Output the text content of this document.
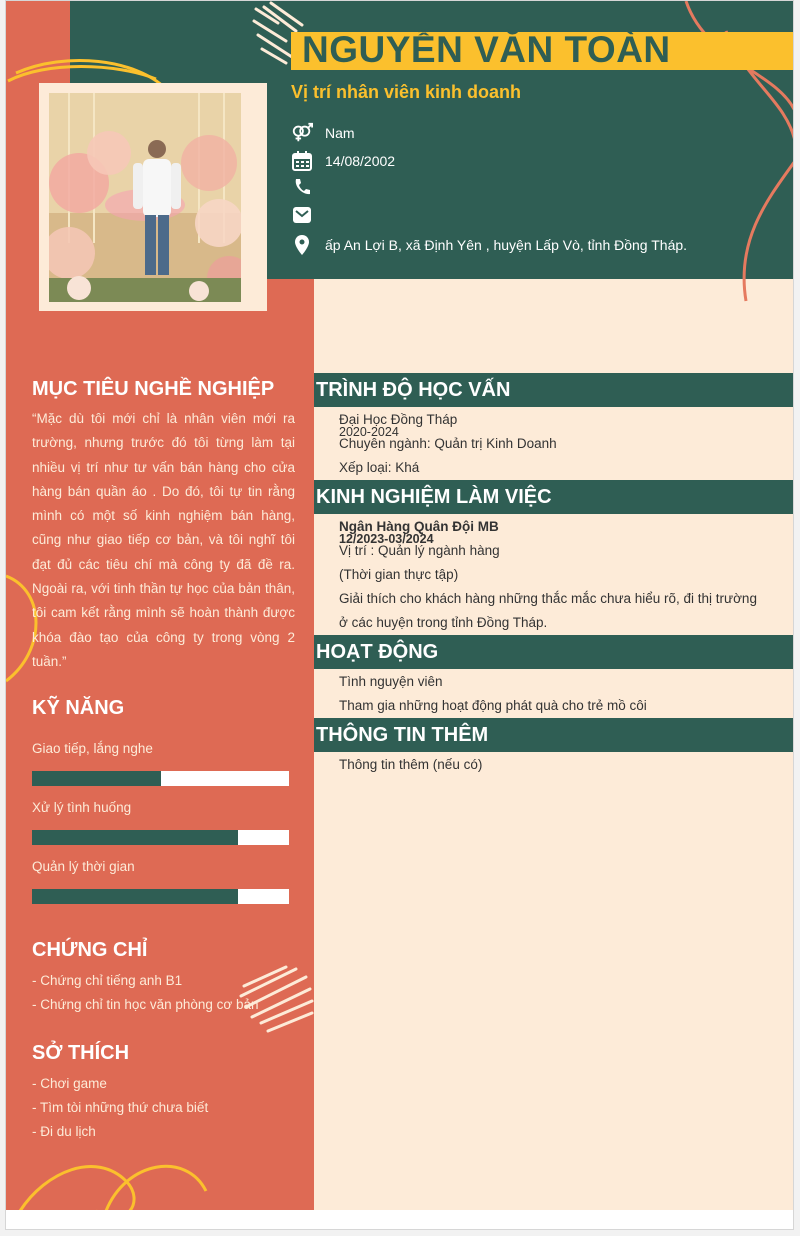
NGUYỄN VĂN TOÀN
Vị trí nhân viên kinh doanh
Nam
14/08/2002
ấp An Lợi B, xã Định Yên , huyện Lấp Vò, tỉnh Đồng Tháp.
MỤC TIÊU NGHỀ NGHIỆP

“Mặc dù tôi mới chỉ là nhân viên mới ra trường, nhưng trước đó tôi từng làm tại nhiều vị trí như tư vấn bán hàng cho cửa hàng bán quần áo . Do đó, tôi tự tin rằng mình có một số kinh nghiệm bán hàng, cũng như giao tiếp cơ bản, và tôi nghĩ tôi đạt đủ các tiêu chí mà công ty đã đề ra. Ngoài ra, với tinh thần tự học của bản thân, tôi cam kết rằng mình sẽ hoàn thành được khóa đào tạo của công ty trong vòng 2 tuần.”

KỸ NĂNG
Giao tiếp, lắng nghe
Xử lý tình huống
Quản lý thời gian
CHỨNG CHỈ
- Chứng chỉ tiếng anh B1
- Chứng chỉ tin học văn phòng cơ bản
SỞ THÍCH
- Chơi game
- Tìm tòi những thứ chưa biết
- Đi du lịch
TRÌNH ĐỘ HỌC VẤN
Đại Học Đồng Tháp
2020-2024
Chuyên ngành: Quản trị Kinh Doanh
Xếp loại: Khá
KINH NGHIỆM LÀM VIỆC
Ngân Hàng Quân Đội MB
12/2023-03/2024
Vị trí : Quản lý ngành hàng
(Thời gian thực tập)
Giải thích cho khách hàng những thắc mắc chưa hiểu rõ, đi thị trường
ở các huyện trong tỉnh Đồng Tháp.
HOẠT ĐỘNG
Tình nguyện viên
Tham gia những hoạt động phát quà cho trẻ mồ côi
THÔNG TIN THÊM
Thông tin thêm (nếu có)
